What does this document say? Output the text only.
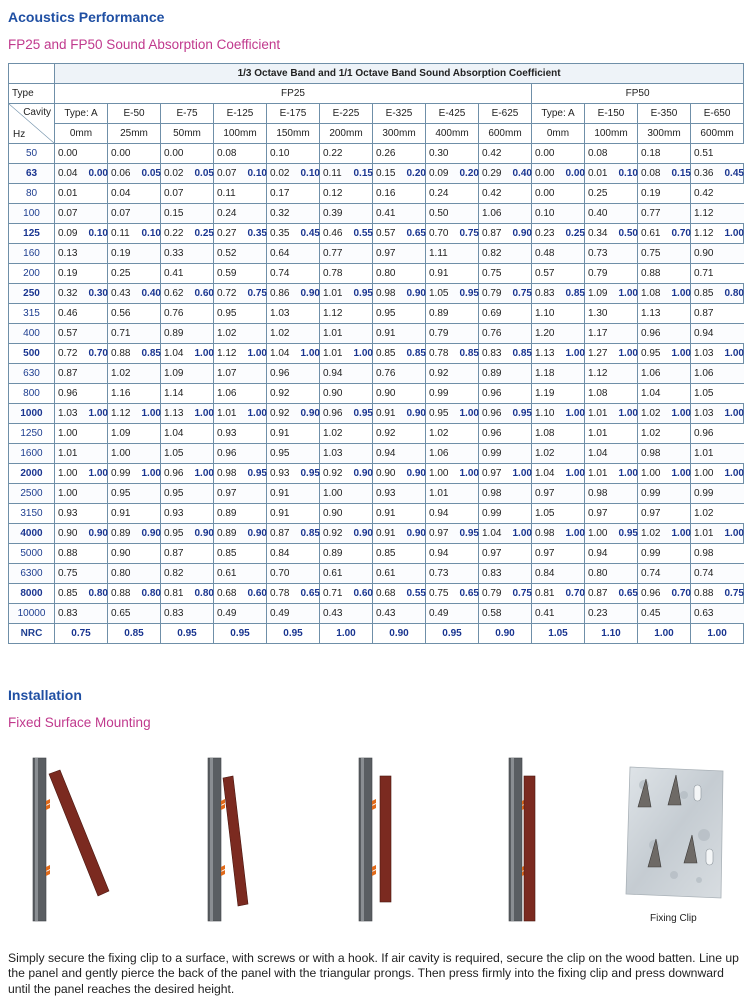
Acoustics Performance
FP25 and FP50 Sound Absorption Coefficient
	1/3 Octave Band and 1/1 Octave Band Sound Absorption Coefficient																									
Type	FP25																		FP50							

Cavity
Hz	Type: A		E-50		E-75		E-125		E-175		E-225		E-325		E-425		E-625		Type: A		E-150		E-350		E-650	
	0mm		25mm		50mm		100mm		150mm		200mm		300mm		400mm		600mm		0mm		100mm		300mm		600mm	
50	0.00		0.00		0.00		0.08		0.10		0.22		0.26		0.30		0.42		0.00		0.08		0.18		0.51	
63	0.04	0.00	0.06	0.05	0.02	0.05	0.07	0.10	0.02	0.10	0.11	0.15	0.15	0.20	0.09	0.20	0.29	0.40	0.00	0.00	0.01	0.10	0.08	0.15	0.36	0.45
80	0.01		0.04		0.07		0.11		0.17		0.12		0.16		0.24		0.42		0.00		0.25		0.19		0.42	
100	0.07		0.07		0.15		0.24		0.32		0.39		0.41		0.50		1.06		0.10		0.40		0.77		1.12	
125	0.09	0.10	0.11	0.10	0.22	0.25	0.27	0.35	0.35	0.45	0.46	0.55	0.57	0.65	0.70	0.75	0.87	0.90	0.23	0.25	0.34	0.50	0.61	0.70	1.12	1.00
160	0.13		0.19		0.33		0.52		0.64		0.77		0.97		1.11		0.82		0.48		0.73		0.75		0.90	
200	0.19		0.25		0.41		0.59		0.74		0.78		0.80		0.91		0.75		0.57		0.79		0.88		0.71	
250	0.32	0.30	0.43	0.40	0.62	0.60	0.72	0.75	0.86	0.90	1.01	0.95	0.98	0.90	1.05	0.95	0.79	0.75	0.83	0.85	1.09	1.00	1.08	1.00	0.85	0.80
315	0.46		0.56		0.76		0.95		1.03		1.12		0.95		0.89		0.69		1.10		1.30		1.13		0.87	
400	0.57		0.71		0.89		1.02		1.02		1.01		0.91		0.79		0.76		1.20		1.17		0.96		0.94	
500	0.72	0.70	0.88	0.85	1.04	1.00	1.12	1.00	1.04	1.00	1.01	1.00	0.85	0.85	0.78	0.85	0.83	0.85	1.13	1.00	1.27	1.00	0.95	1.00	1.03	1.00
630	0.87		1.02		1.09		1.07		0.96		0.94		0.76		0.92		0.89		1.18		1.12		1.06		1.06	
800	0.96		1.16		1.14		1.06		0.92		0.90		0.90		0.99		0.96		1.19		1.08		1.04		1.05	
1000	1.03	1.00	1.12	1.00	1.13	1.00	1.01	1.00	0.92	0.90	0.96	0.95	0.91	0.90	0.95	1.00	0.96	0.95	1.10	1.00	1.01	1.00	1.02	1.00	1.03	1.00
1250	1.00		1.09		1.04		0.93		0.91		1.02		0.92		1.02		0.96		1.08		1.01		1.02		0.96	
1600	1.01		1.00		1.05		0.96		0.95		1.03		0.94		1.06		0.99		1.02		1.04		0.98		1.01	
2000	1.00	1.00	0.99	1.00	0.96	1.00	0.98	0.95	0.93	0.95	0.92	0.90	0.90	0.90	1.00	1.00	0.97	1.00	1.04	1.00	1.01	1.00	1.00	1.00	1.00	1.00
2500	1.00		0.95		0.95		0.97		0.91		1.00		0.93		1.01		0.98		0.97		0.98		0.99		0.99	
3150	0.93		0.91		0.93		0.89		0.91		0.90		0.91		0.94		0.99		1.05		0.97		0.97		1.02	
4000	0.90	0.90	0.89	0.90	0.95	0.90	0.89	0.90	0.87	0.85	0.92	0.90	0.91	0.90	0.97	0.95	1.04	1.00	0.98	1.00	1.00	0.95	1.02	1.00	1.01	1.00
5000	0.88		0.90		0.87		0.85		0.84		0.89		0.85		0.94		0.97		0.97		0.94		0.99		0.98	
6300	0.75		0.80		0.82		0.61		0.70		0.61		0.61		0.73		0.83		0.84		0.80		0.74		0.74	
8000	0.85	0.80	0.88	0.80	0.81	0.80	0.68	0.60	0.78	0.65	0.71	0.60	0.68	0.55	0.75	0.65	0.79	0.75	0.81	0.70	0.87	0.65	0.96	0.70	0.88	0.75
10000	0.83		0.65		0.83		0.49		0.49		0.43		0.43		0.49		0.58		0.41		0.23		0.45		0.63	
NRC	0.75		0.85		0.95		0.95		0.95		1.00		0.90		0.95		0.90		1.05		1.10		1.00		1.00	
Installation
Fixed Surface Mounting
Fixing Clip

Simply secure the fixing clip to a surface, with screws or with a hook. If air cavity is required, secure the clip on the wood batten. Line up the panel and gently pierce the back of the panel with the triangular prongs. Then press firmly into the fixing clip and press downward until the panel reaches the desired height.
